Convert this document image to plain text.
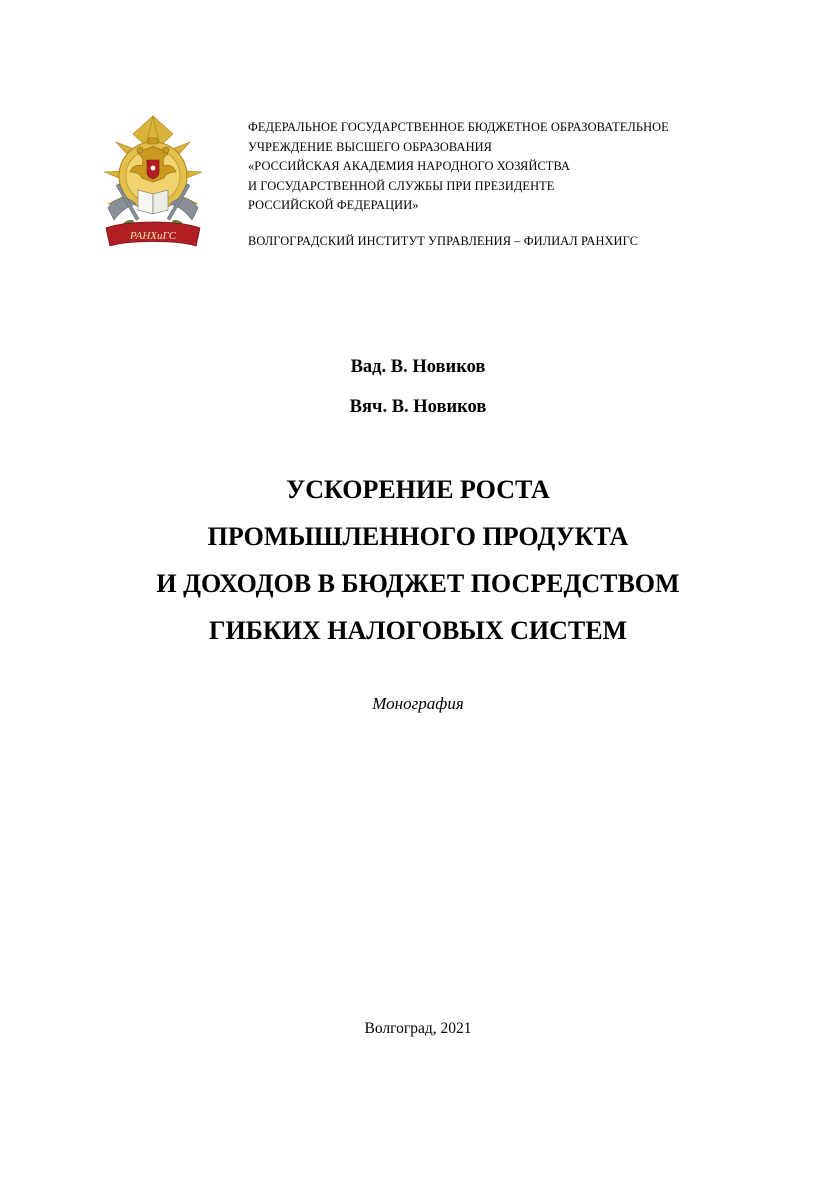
РАНХиГС
ФЕДЕРАЛЬНОЕ ГОСУДАРСТВЕННОЕ БЮДЖЕТНОЕ ОБРАЗОВАТЕЛЬНОЕ
УЧРЕЖДЕНИЕ ВЫСШЕГО ОБРАЗОВАНИЯ
«РОССИЙСКАЯ АКАДЕМИЯ НАРОДНОГО ХОЗЯЙСТВА
И ГОСУДАРСТВЕННОЙ СЛУЖБЫ ПРИ ПРЕЗИДЕНТЕ
РОССИЙСКОЙ ФЕДЕРАЦИИ»
ВОЛГОГРАДСКИЙ ИНСТИТУТ УПРАВЛЕНИЯ – ФИЛИАЛ РАНХИГС
Вад. В. Новиков
Вяч. В. Новиков
УСКОРЕНИЕ РОСТА
ПРОМЫШЛЕННОГО ПРОДУКТА
И ДОХОДОВ В БЮДЖЕТ ПОСРЕДСТВОМ
ГИБКИХ НАЛОГОВЫХ СИСТЕМ
Монография
Волгоград, 2021
